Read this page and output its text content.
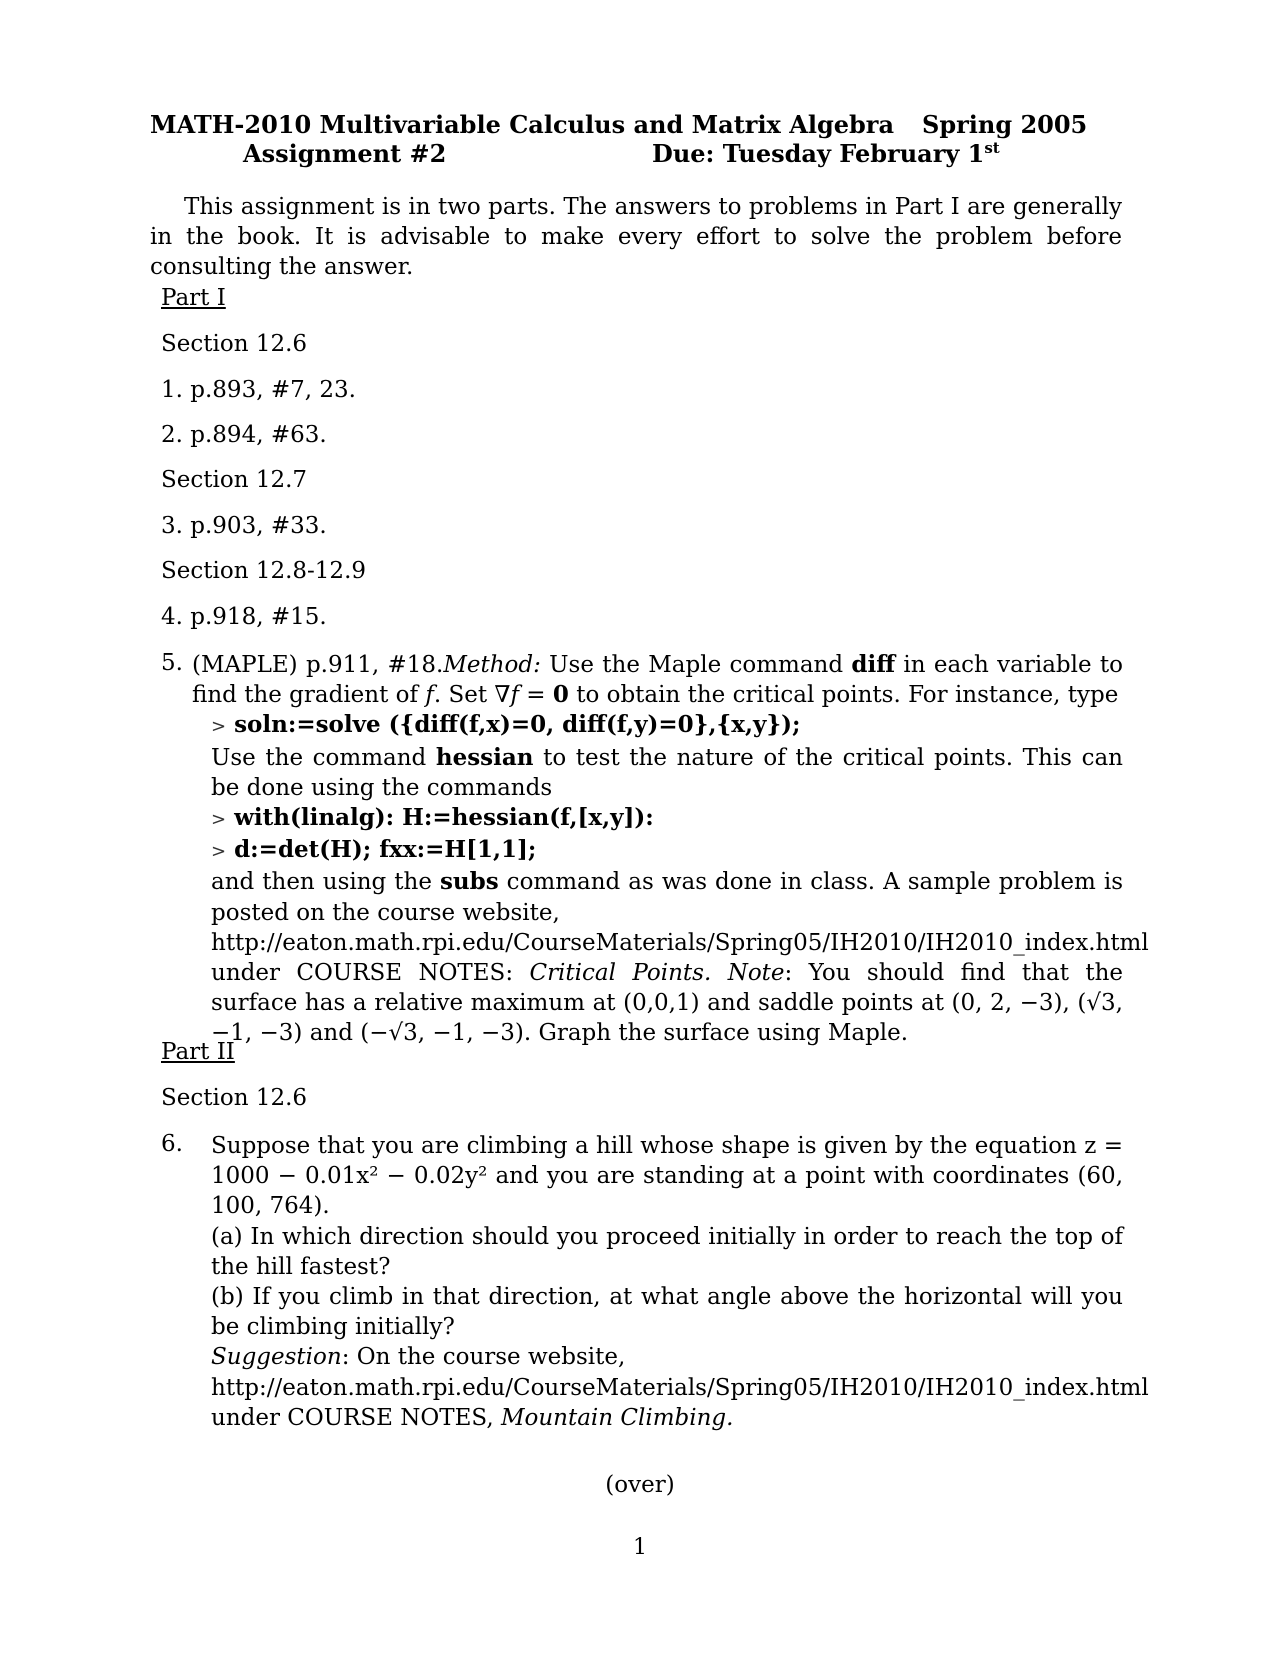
MATH-2010 Multivariable Calculus and Matrix Algebra Spring 2005
Assignment #2	Due: Tuesday February 1st

This assignment is in two parts. The answers to problems in Part I are generally in the book. It is advisable to make every effort to solve the problem before consulting the answer.

Part I
Section 12.6
1. p.893, #7, 23.
2. p.894, #63.
Section 12.7
3. p.903, #33.
Section 12.8-12.9
4. p.918, #15.
5. (MAPLE) p.911, #18.Method: Use the Maple command diff in each variable to find the gradient of f. Set ∇f = 0 to obtain the critical points. For instance, type
> soln:=solve ({diff(f,x)=0, diff(f,y)=0},{x,y});
Use the command hessian to test the nature of the critical points. This can be done using the commands
> with(linalg): H:=hessian(f,[x,y]):
> d:=det(H); fxx:=H[1,1];
and then using the subs command as was done in class. A sample problem is posted on the course website,
http://eaton.math.rpi.edu/CourseMaterials/Spring05/IH2010/IH2010_index.html
under COURSE NOTES: Critical Points. Note: You should find that the surface has a relative maximum at (0,0,1) and saddle points at (0, 2, −3), (√3, −1, −3) and (−√3, −1, −3). Graph the surface using Maple.
Part II
Section 12.6
6. Suppose that you are climbing a hill whose shape is given by the equation z = 1000 − 0.01x² − 0.02y² and you are standing at a point with coordinates (60, 100, 764).
(a) In which direction should you proceed initially in order to reach the top of the hill fastest?
(b) If you climb in that direction, at what angle above the horizontal will you be climbing initially?
Suggestion: On the course website,
http://eaton.math.rpi.edu/CourseMaterials/Spring05/IH2010/IH2010_index.html
under COURSE NOTES, Mountain Climbing.
(over)
1
